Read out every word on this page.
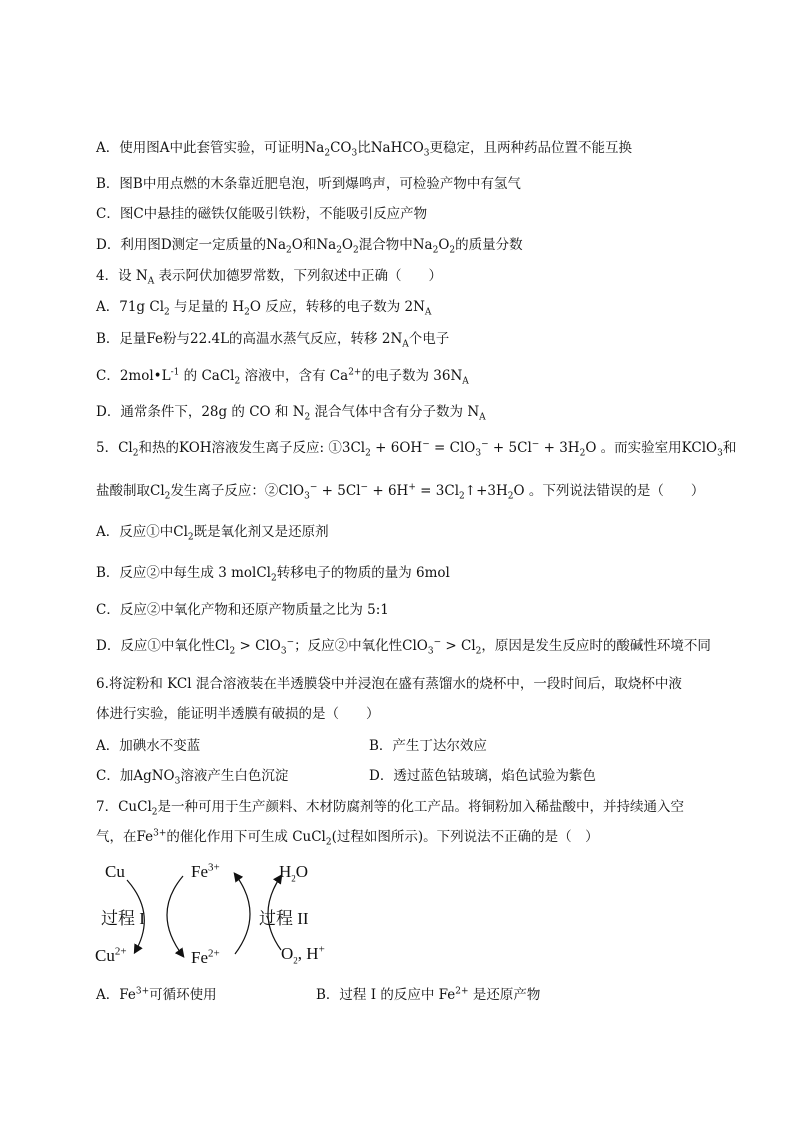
A．使用图A中此套管实验，可证明$Na_2CO_3$比NaHCO$_3$更稳定，且两种药品位置不能互换
B．图B中用点燃的木条靠近肥皂泡，听到爆鸣声，可检验产物中有氢气
C．图C中悬挂的磁铁仅能吸引铁粉，不能吸引反应产物
D．利用图D测定一定质量的$Na_2O$和$Na_2O_2$混合物中$Na_2O_2$的质量分数
4．设 $N_A$ 表示阿伏加德罗常数，下列叙述中正确（　　）
A．71g $Cl_2$ 与足量的 $H_2O$ 反应，转移的电子数为 $2N_A$
B．足量Fe粉与22.4L的高温水蒸气反应，转移 $2N_A$个电子
C．$2mol•L^{-1}$ 的 CaCl$_2$ 溶液中，含有 $Ca^{2+}$的电子数为 $36N_A$
D．通常条件下，28g 的 CO 和 $N_2$ 混合气体中含有分子数为 $N_A$
5．$Cl_2$和热的KOH溶液发生离子反应: $①3Cl_2 + 6OH^- = ClO_3^- + 5Cl^- + 3H_2O$ 。而实验室用KClO$_3$和
盐酸制取$Cl_2$发生离子反应：②ClO$_3$− + $5Cl^- + 6H^+ = 3Cl_2↑+3H_2O$ 。下列说法错误的是（　　）
A．反应①中$Cl_2$既是氧化剂又是还原剂
B．反应②中每生成 3 molCl$_2$转移电子的物质的量为 6mol
C．反应②中氧化产物和还原产物质量之比为 5:1
D．反应①中氧化性$Cl_2 > ClO_3^-$；反应②中氧化性$ClO_3^- > Cl_2$，原因是发生反应时的酸碱性环境不同
6.将淀粉和 KCl 混合溶液装在半透膜袋中并浸泡在盛有蒸馏水的烧杯中，一段时间后，取烧杯中液
体进行实验，能证明半透膜有破损的是（　　）
A．加碘水不变蓝	B．产生丁达尔效应
C．加AgNO$_3$溶液产生白色沉淀	D．透过蓝色钴玻璃，焰色试验为紫色
7．CuCl$_2$是一种可用于生产颜料、木材防腐剂等的化工产品。将铜粉加入稀盐酸中，并持续通入空
气，在$Fe^{3+}$的催化作用下可生成 CuCl$_2$(过程如图所示)。下列说法不正确的是（　）
Cu
$Cu^{2+}$
$Fe^{3+}$
$Fe^{2+}$
$H_2O$
$O_2$, H+
过程 I	过程 II
A．$Fe^{3+}$可循环使用	B．过程 I 的反应中 $Fe^{2+}$ 是还原产物
